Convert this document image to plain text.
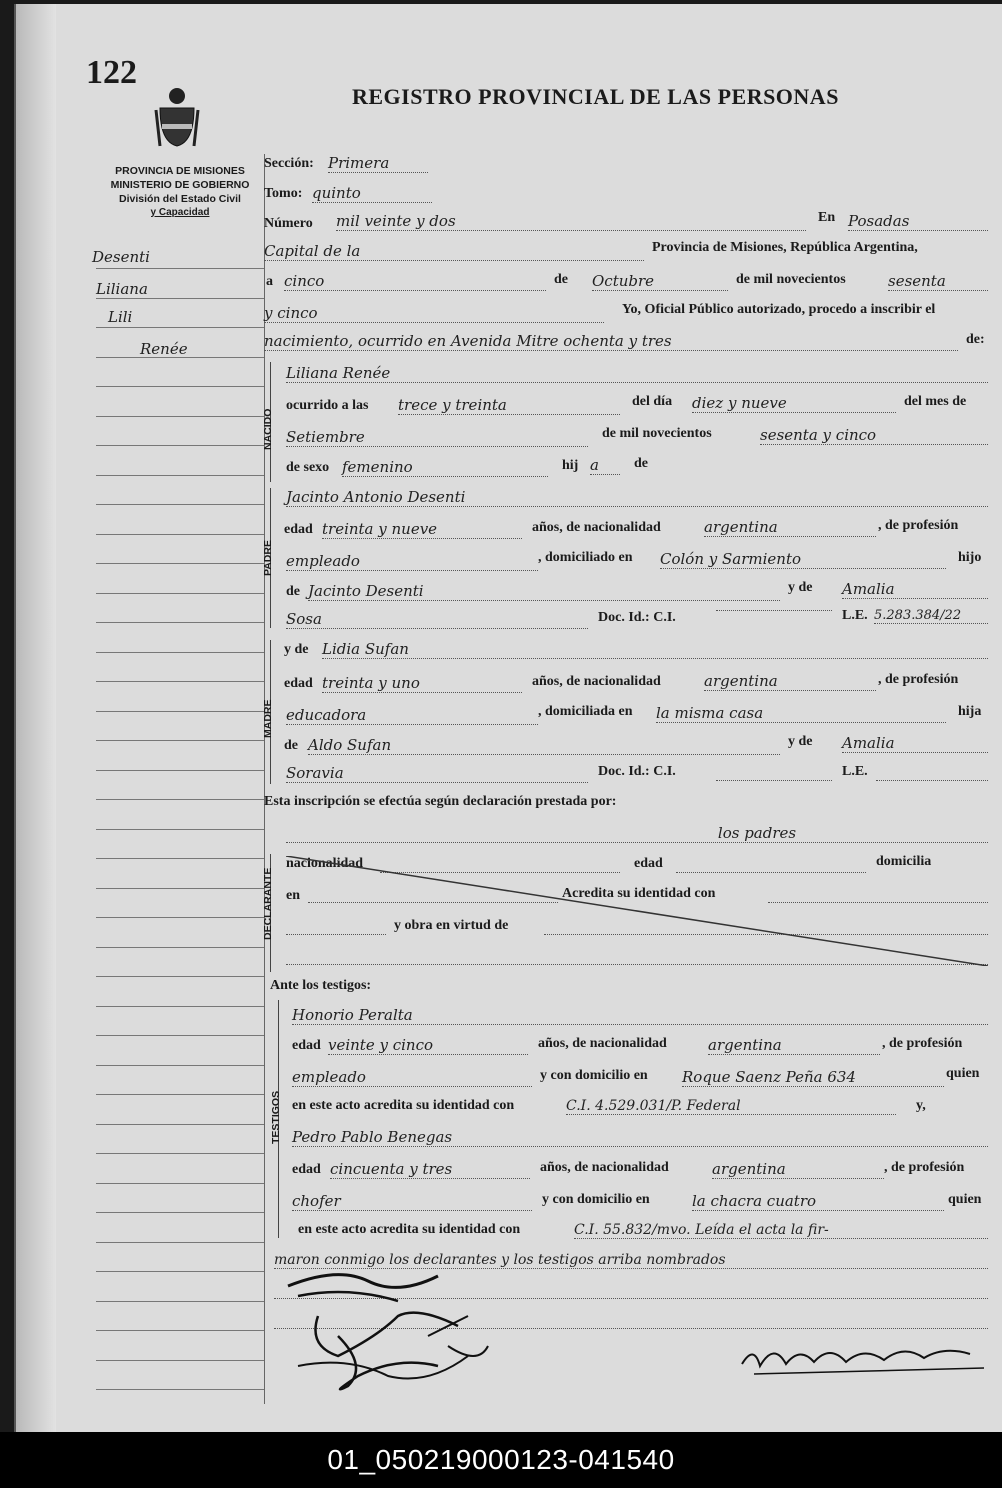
122
REGISTRO PROVINCIAL DE LAS PERSONAS
PROVINCIA DE MISIONES
MINISTERIO DE GOBIERNO
División del Estado Civil
y Capacidad
Desenti
Liliana
Lili
Renée
Sección: Primera
Tomo: quinto
Número mil veinte y dos	En Posadas
Capital de la	Provincia de Misiones, República Argentina,
a cinco	de Octubre	de mil novecientos	sesenta
y cinco	Yo, Oficial Público autorizado, procedo a inscribir el
nacimiento, ocurrido en Avenida Mitre ochenta y tres	de:
NACIDO
Liliana Renée
ocurrido a las trece y treinta	del día diez y nueve	del mes de
Setiembre	de mil novecientos	sesenta y cinco
de sexo femenino	hij a	de
PADRE
Jacinto Antonio Desenti
edad treinta y nueve	años, de nacionalidad	argentina	, de profesión
empleado	, domiciliado en Colón y Sarmiento	hijo
de Jacinto Desenti	y de Amalia
Sosa	Doc. Id.: C.I.	L.E. 5.283.384/22
MADRE
y de Lidia Sufan
edad treinta y uno	años, de nacionalidad	argentina	, de profesión
educadora	, domiciliada en la misma casa	hija
de Aldo Sufan	y de Amalia
Soravia	Doc. Id.: C.I.	L.E.
Esta inscripción se efectúa según declaración prestada por:
los padres
DECLARANTE
nacionalidad	edad	domicilia
en	Acredita su identidad con
y obra en virtud de
Ante los testigos:
TESTIGOS
Honorio Peralta
edad veinte y cinco	años, de nacionalidad	argentina	, de profesión
empleado	y con domicilio en Roque Saenz Peña 634	quien
en este acto acredita su identidad con	C.I. 4.529.031/P. Federal	y,
Pedro Pablo Benegas
edad cincuenta y tres	años, de nacionalidad	argentina	, de profesión
chofer	y con domicilio en	la chacra cuatro	quien
en este acto acredita su identidad con	C.I. 55.832/mvo. Leída el acta la fir-
maron conmigo los declarantes y los testigos arriba nombrados
01_050219000123-041540
